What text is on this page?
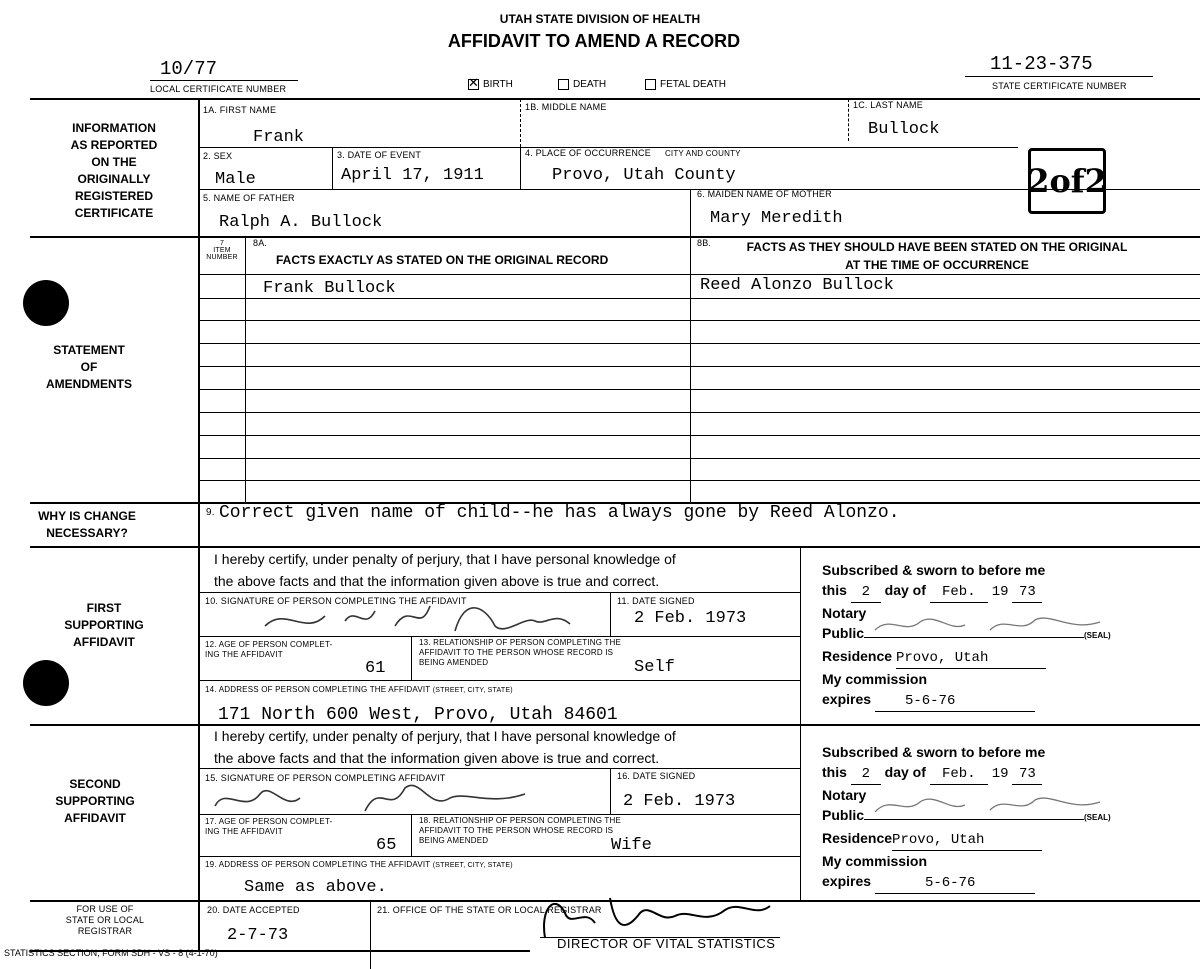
UTAH STATE DIVISION OF HEALTH
AFFIDAVIT TO AMEND A RECORD
10/77
LOCAL CERTIFICATE NUMBER	✕ BIRTH	DEATH	FETAL DEATH
11-23-375
STATE CERTIFICATE NUMBER
INFORMATION
AS REPORTED
ON THE
ORIGINALLY
REGISTERED
CERTIFICATE
1A. FIRST NAME
Frank
1B. MIDDLE NAME	1C. LAST NAME
Bullock
2. SEX
Male
3. DATE OF EVENT
April 17, 1911
4. PLACE OF OCCURRENCE CITY AND COUNTY
Provo, Utah County	2of2
5. NAME OF FATHER
Ralph A. Bullock
6. MAIDEN NAME OF MOTHER
Mary Meredith
STATEMENT
OF
AMENDMENTS
7
ITEM
NUMBER
8A.
FACTS EXACTLY AS STATED ON THE ORIGINAL RECORD
8B.	FACTS AS THEY SHOULD HAVE BEEN STATED ON THE ORIGINAL
AT THE TIME OF OCCURRENCE
Frank Bullock	Reed Alonzo Bullock
WHY IS CHANGE
NECESSARY?
9. Correct given name of child--he has always gone by Reed Alonzo.
FIRST
SUPPORTING
AFFIDAVIT
I hereby certify, under penalty of perjury, that I have personal knowledge of
the above facts and that the information given above is true and correct.
10. SIGNATURE OF PERSON COMPLETING THE AFFIDAVIT	11. DATE SIGNED
2 Feb. 1973
12. AGE OF PERSON COMPLET-
ING THE AFFIDAVIT
61
13. RELATIONSHIP OF PERSON COMPLETING THE
AFFIDAVIT TO THE PERSON WHOSE RECORD IS
BEING AMENDED	Self
14. ADDRESS OF PERSON COMPLETING THE AFFIDAVIT (STREET, CITY, STATE)
171 North 600 West, Provo, Utah 84601
Subscribed & sworn to before me
this 2 day of Feb. 19 73
Notary
Public	(SEAL)
Residence Provo, Utah
My commission
expires 5-6-76
SECOND
SUPPORTING
AFFIDAVIT
I hereby certify, under penalty of perjury, that I have personal knowledge of
the above facts and that the information given above is true and correct.
15. SIGNATURE OF PERSON COMPLETING AFFIDAVIT	16. DATE SIGNED
2 Feb. 1973
17. AGE OF PERSON COMPLET-
ING THE AFFIDAVIT
65
18. RELATIONSHIP OF PERSON COMPLETING THE
AFFIDAVIT TO THE PERSON WHOSE RECORD IS
BEING AMENDED	Wife
19. ADDRESS OF PERSON COMPLETING THE AFFIDAVIT (STREET, CITY, STATE)
Same as above.
Subscribed & sworn to before me
this 2 day of Feb. 19 73
Notary
Public	(SEAL)
ResidenceProvo, Utah
My commission
expires	5-6-76
FOR USE OF
STATE OR LOCAL
REGISTRAR
20. DATE ACCEPTED
2-7-73
21. OFFICE OF THE STATE OR LOCAL REGISTRAR
DIRECTOR OF VITAL STATISTICS
STATISTICS SECTION, FORM SDH - VS - 8 (4-1-70)
